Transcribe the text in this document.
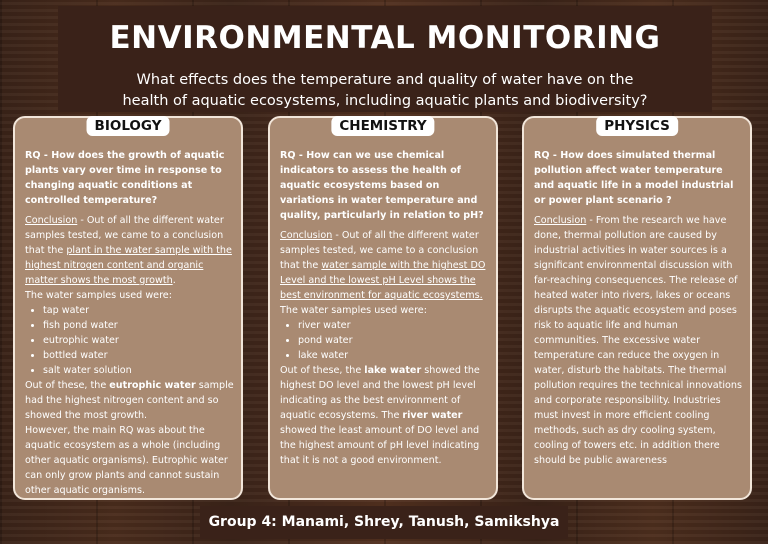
ENVIRONMENTAL MONITORING
What effects does the temperature and quality of water have on the health of aquatic ecosystems, including aquatic plants and biodiversity?
BIOLOGY
RQ - How does the growth of aquatic plants vary over time in response to changing aquatic conditions at controlled temperature?

Conclusion - Out of all the different water samples tested, we came to a conclusion that the plant in the water sample with the highest nitrogen content and organic matter shows the most growth.

The water samples used were:

• tap water
• fish pond water
• eutrophic water
• bottled water
• salt water solution

Out of these, the eutrophic water sample had the highest nitrogen content and so showed the most growth.

However, the main RQ was about the aquatic ecosystem as a whole (including other aquatic organisms). Eutrophic water can only grow plants and cannot sustain other aquatic organisms.

CHEMISTRY
RQ - How can we use chemical indicators to assess the health of aquatic ecosystems based on variations in water temperature and quality, particularly in relation to pH?

Conclusion - Out of all the different water samples tested, we came to a conclusion that the water sample with the highest DO Level and the lowest pH Level shows the best environment for aquatic ecosystems.

The water samples used were:

• river water
• pond water
• lake water

Out of these, the lake water showed the highest DO level and the lowest pH level indicating as the best environment of aquatic ecosystems. The river water showed the least amount of DO level and the highest amount of pH level indicating that it is not a good environment.

PHYSICS
RQ - How does simulated thermal pollution affect water temperature and aquatic life in a model industrial or power plant scenario ?

Conclusion - From the research we have done, thermal pollution are caused by industrial activities in water sources is a significant environmental discussion with far-reaching consequences. The release of heated water into rivers, lakes or oceans disrupts the aquatic ecosystem and poses risk to aquatic life and human communities. The excessive water temperature can reduce the oxygen in water, disturb the habitats. The thermal pollution requires the technical innovations and corporate responsibility. Industries must invest in more efficient cooling methods, such as dry cooling system, cooling of towers etc. in addition there should be public awareness

Group 4: Manami, Shrey, Tanush, Samikshya
